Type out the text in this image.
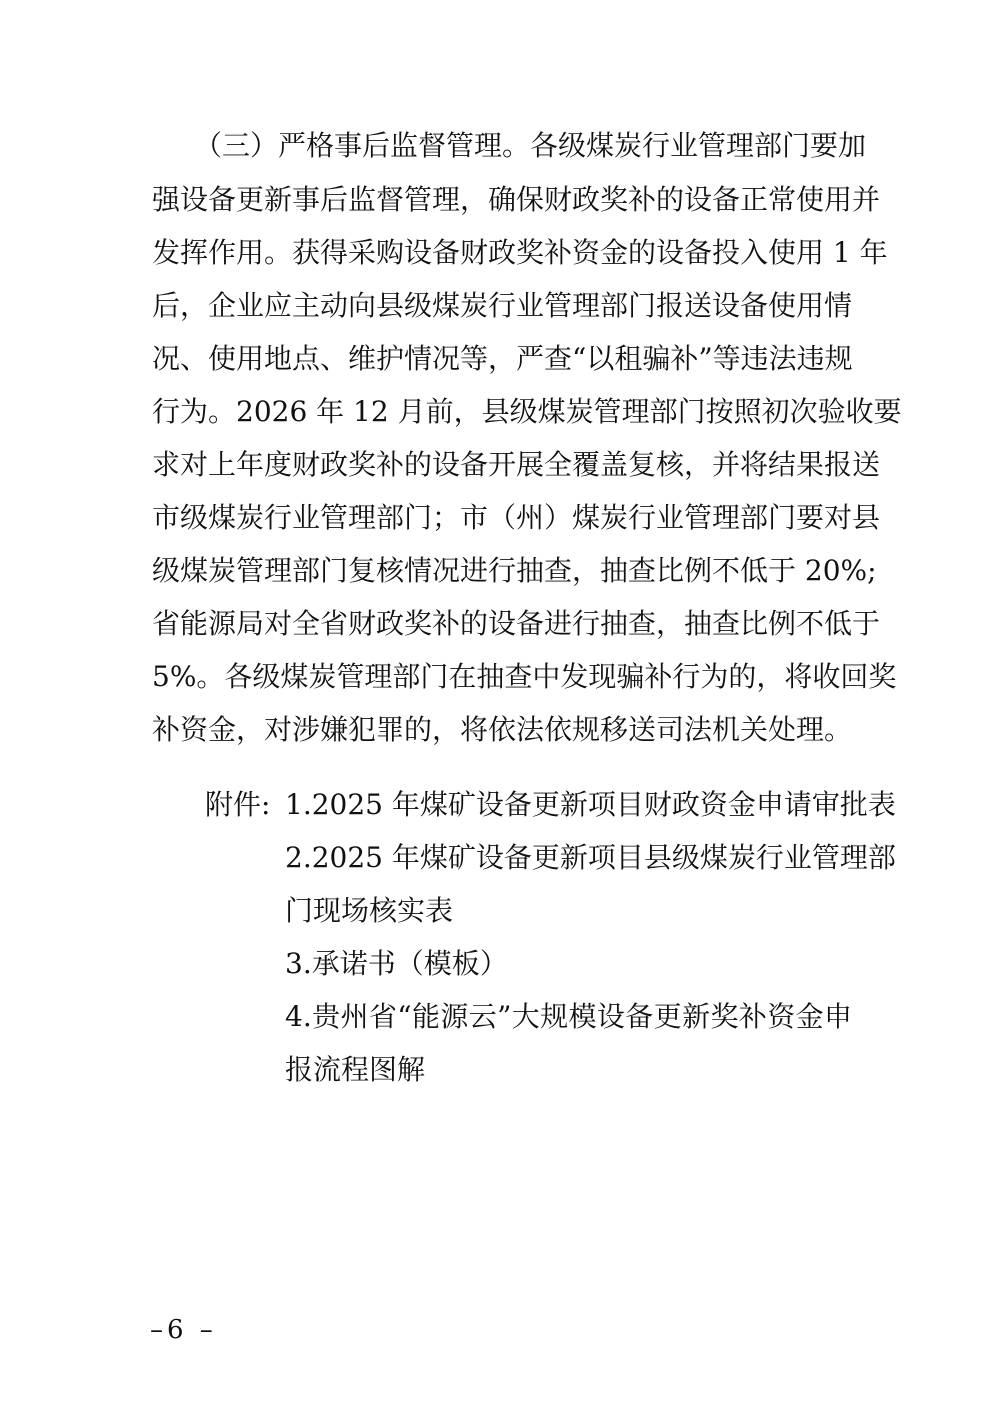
　　（三）严格事后监督管理。各级煤炭行业管理部门要加
强设备更新事后监督管理，确保财政奖补的设备正常使用并
发挥作用。获得采购设备财政奖补资金的设备投入使用 1 年
后，企业应主动向县级煤炭行业管理部门报送设备使用情
况、使用地点、维护情况等，严查“以租骗补”等违法违规
行为。2026 年 12 月前，县级煤炭管理部门按照初次验收要
求对上年度财政奖补的设备开展全覆盖复核，并将结果报送
市级煤炭行业管理部门；市（州）煤炭行业管理部门要对县
级煤炭管理部门复核情况进行抽查，抽查比例不低于 20%;
省能源局对全省财政奖补的设备进行抽查，抽查比例不低于
5%。各级煤炭管理部门在抽查中发现骗补行为的，将收回奖
补资金，对涉嫌犯罪的，将依法依规移送司法机关处理。
附件: 1.2025 年煤矿设备更新项目财政资金申请审批表
2.2025 年煤矿设备更新项目县级煤炭行业管理部
门现场核实表
3.承诺书（模板）
4.贵州省“能源云”大规模设备更新奖补资金申
报流程图解
–6 –
